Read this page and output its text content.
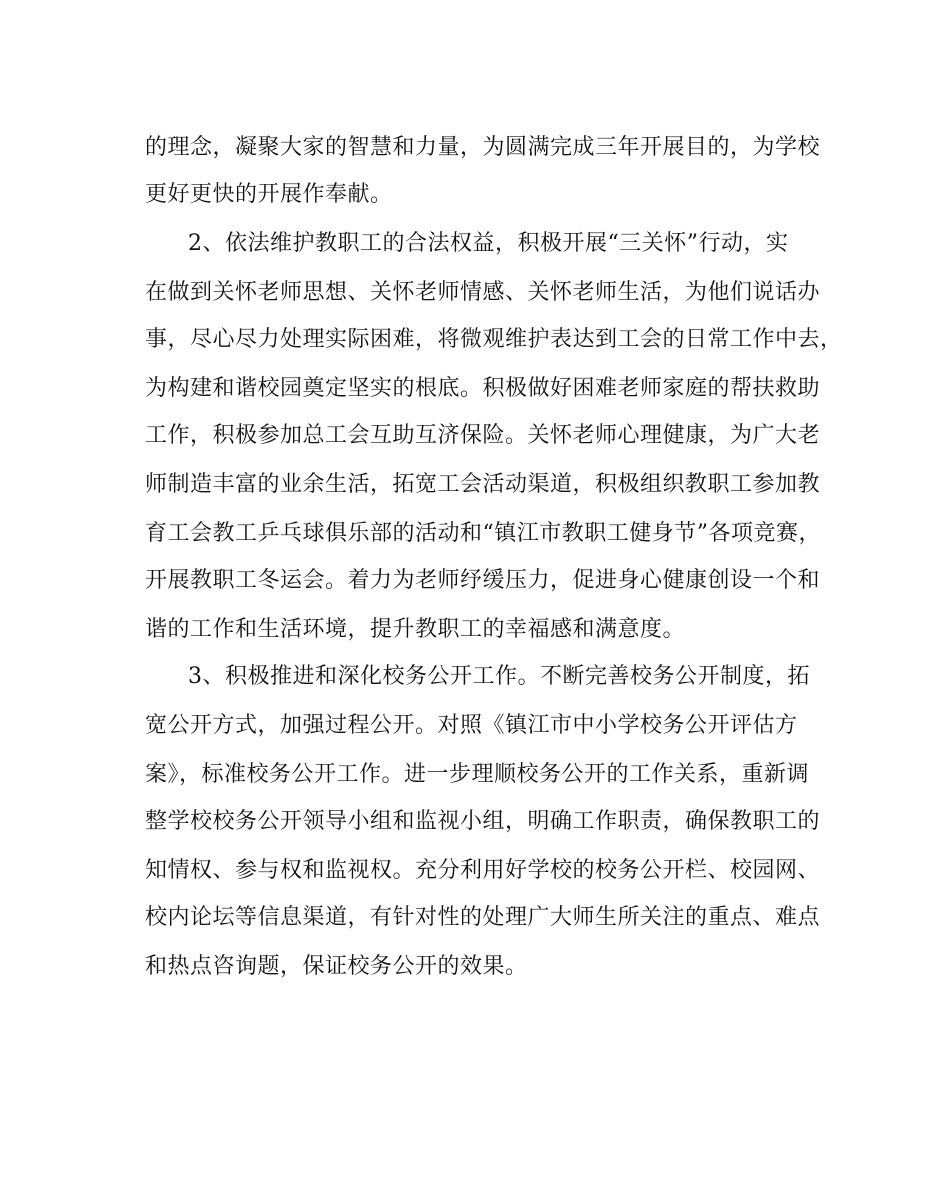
的理念，凝聚大家的智慧和力量，为圆满完成三年开展目的，为学校
更好更快的开展作奉献。
2、依法维护教职工的合法权益，积极开展“三关怀”行动，实
在做到关怀老师思想、关怀老师情感、关怀老师生活，为他们说话办
事，尽心尽力处理实际困难，将微观维护表达到工会的日常工作中去，
为构建和谐校园奠定坚实的根底。积极做好困难老师家庭的帮扶救助
工作，积极参加总工会互助互济保险。关怀老师心理健康，为广大老
师制造丰富的业余生活，拓宽工会活动渠道，积极组织教职工参加教
育工会教工乒乓球俱乐部的活动和“镇江市教职工健身节”各项竞赛，
开展教职工冬运会。着力为老师纾缓压力，促进身心健康创设一个和
谐的工作和生活环境，提升教职工的幸福感和满意度。
3、积极推进和深化校务公开工作。不断完善校务公开制度，拓
宽公开方式，加强过程公开。对照《镇江市中小学校务公开评估方
案》，标准校务公开工作。进一步理顺校务公开的工作关系，重新调
整学校校务公开领导小组和监视小组，明确工作职责，确保教职工的
知情权、参与权和监视权。充分利用好学校的校务公开栏、校园网、
校内论坛等信息渠道，有针对性的处理广大师生所关注的重点、难点
和热点咨询题，保证校务公开的效果。
